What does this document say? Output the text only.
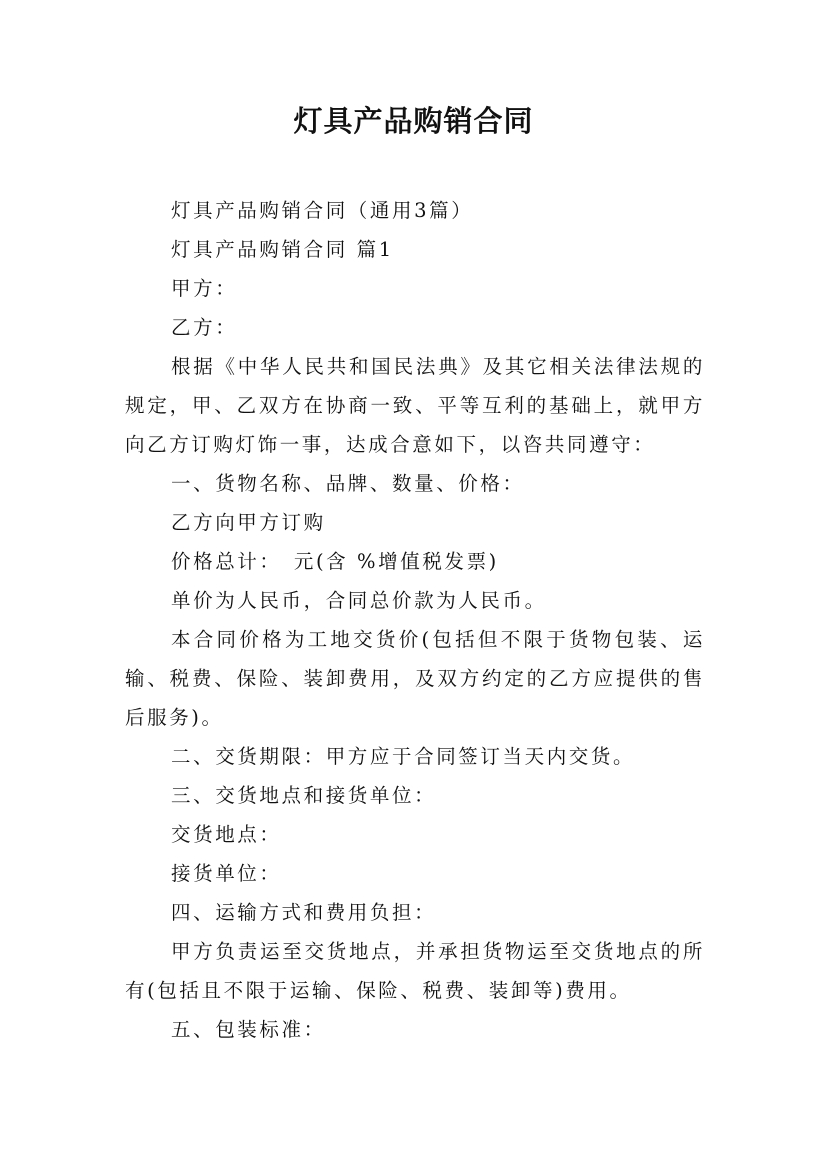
灯具产品购销合同

灯具产品购销合同（通用3篇）

灯具产品购销合同 篇1

甲方：

乙方：

根据《中华人民共和国民法典》及其它相关法律法规的规定，甲、乙双方在协商一致、平等互利的基础上，就甲方向乙方订购灯饰一事，达成合意如下，以咨共同遵守：

一、货物名称、品牌、数量、价格：

乙方向甲方订购

价格总计：　元(含 %增值税发票)

单价为人民币，合同总价款为人民币。

本合同价格为工地交货价(包括但不限于货物包装、运输、税费、保险、装卸费用，及双方约定的乙方应提供的售后服务)。

二、交货期限：甲方应于合同签订当天内交货。

三、交货地点和接货单位：

交货地点：

接货单位：

四、运输方式和费用负担：

甲方负责运至交货地点，并承担货物运至交货地点的所有(包括且不限于运输、保险、税费、装卸等)费用。

五、包装标准：
